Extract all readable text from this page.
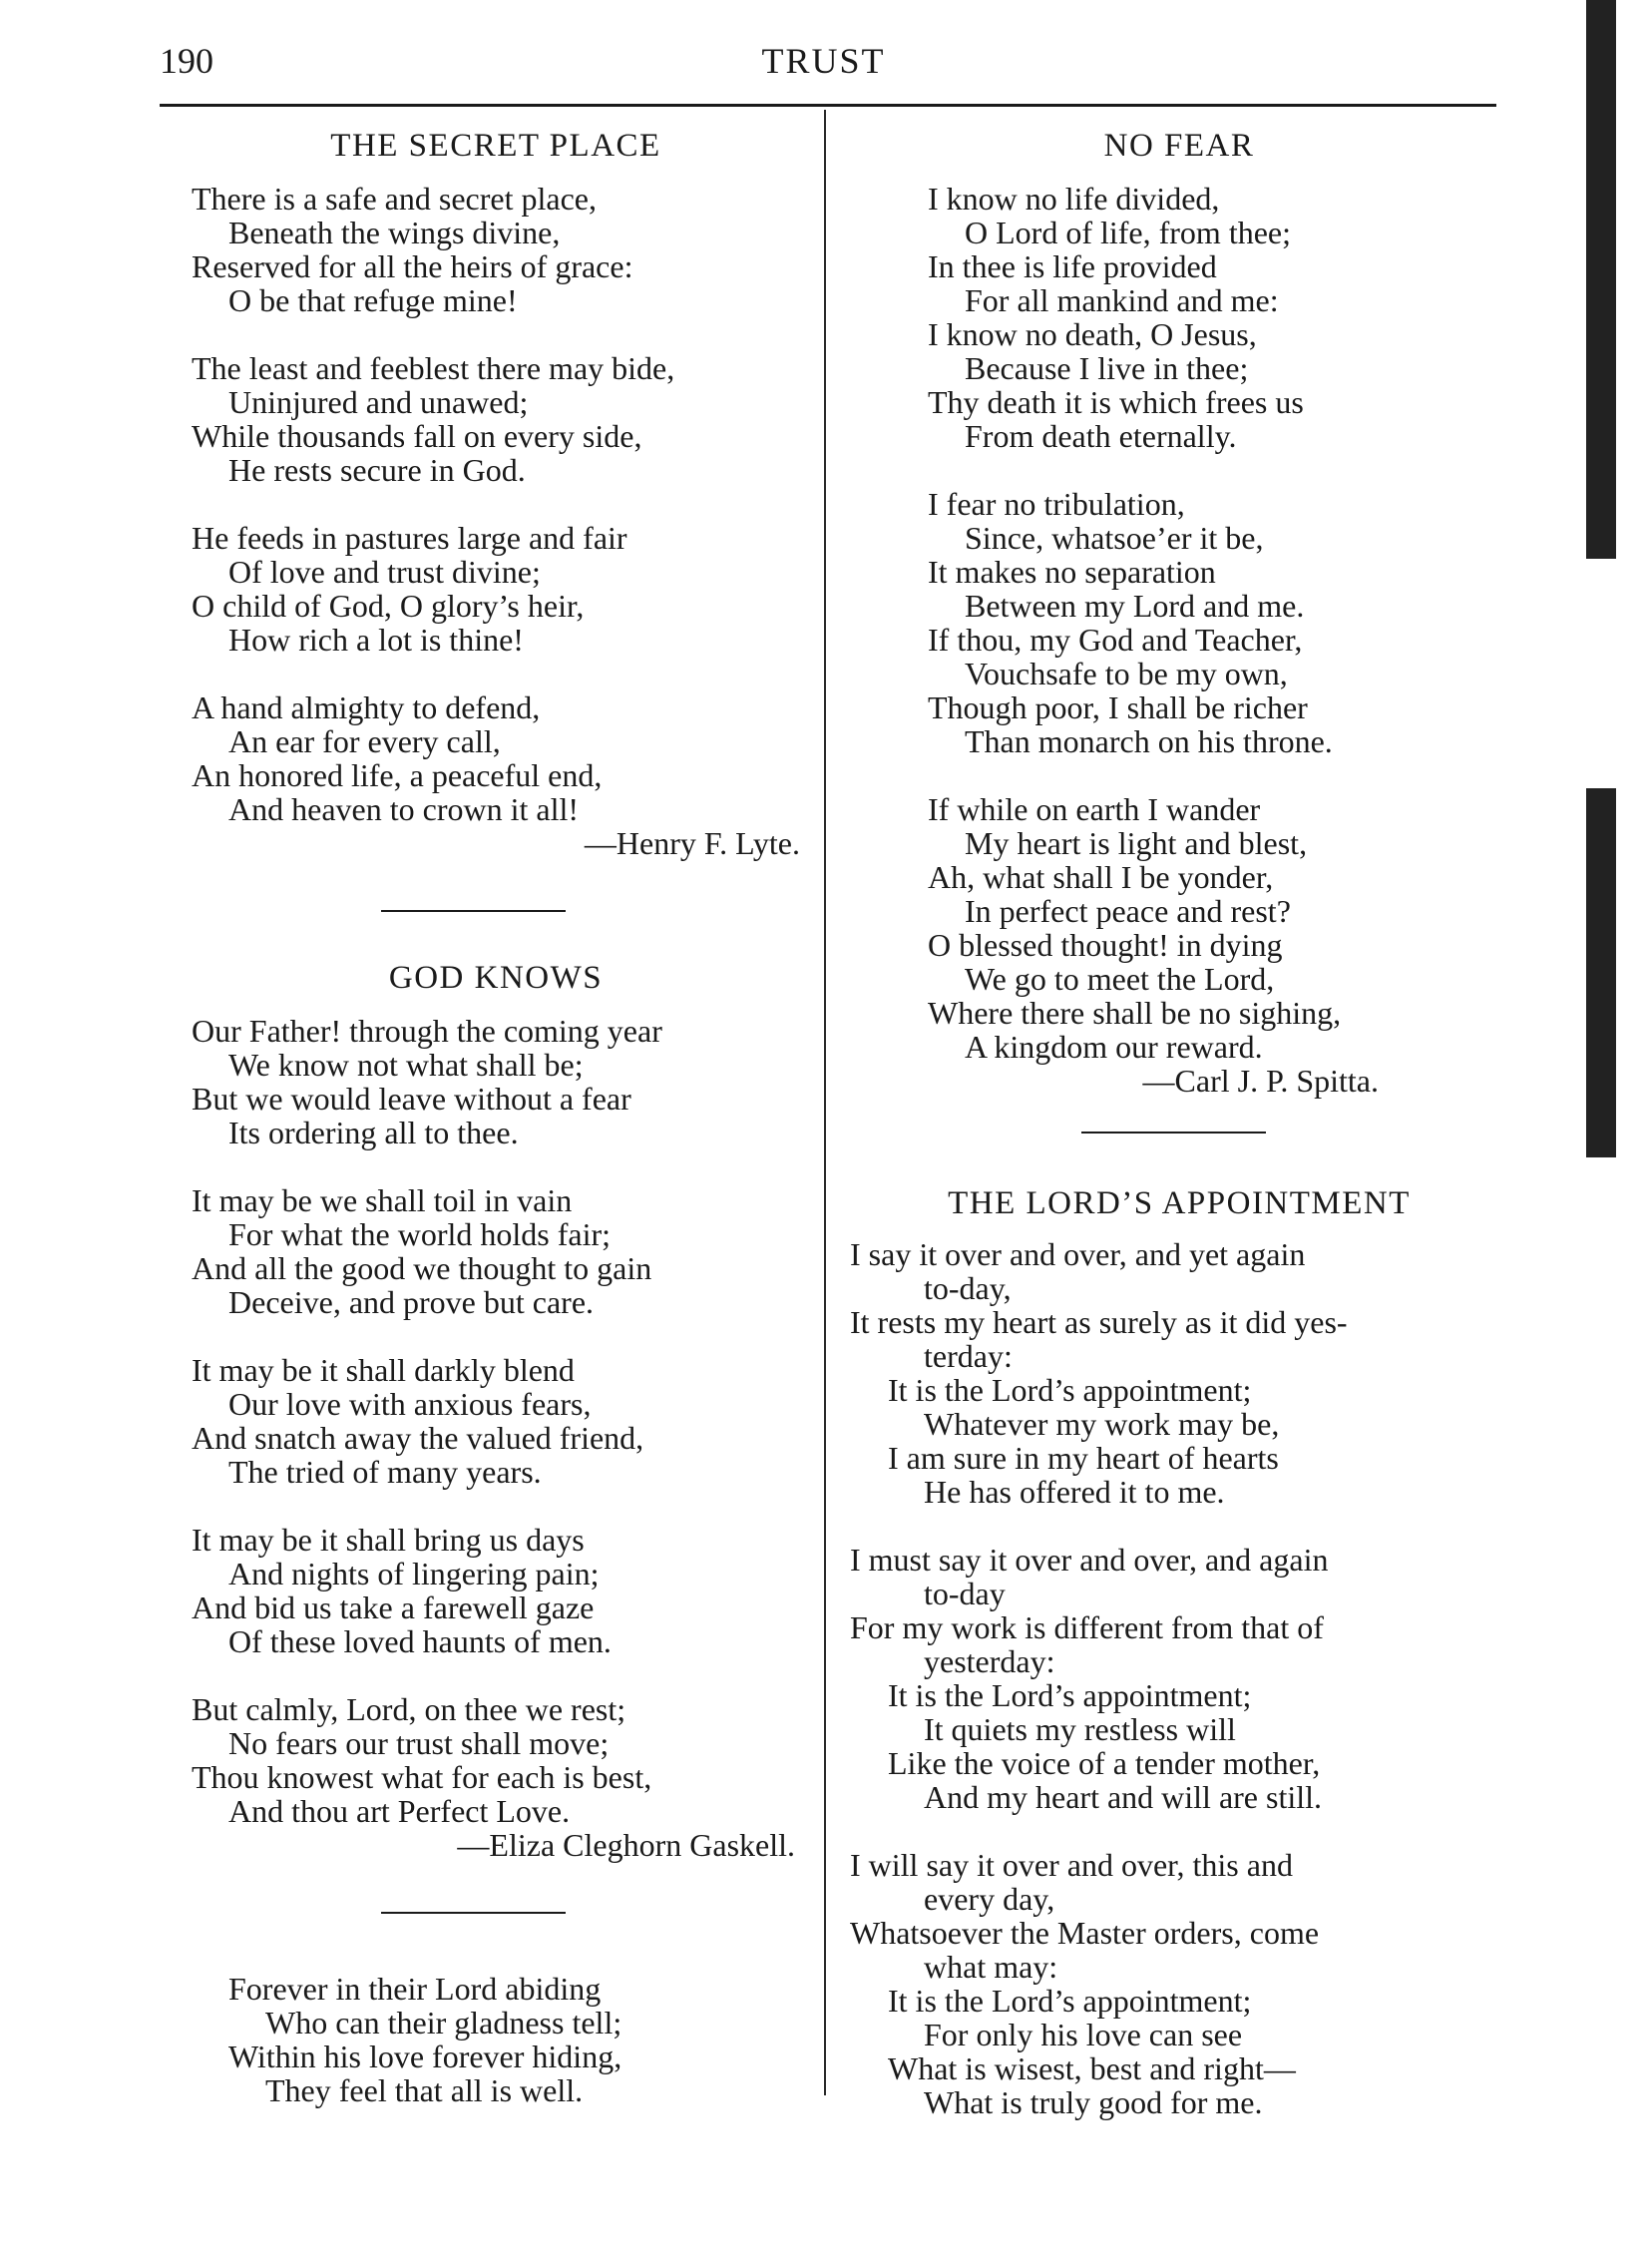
190	TRUST
THE SECRET PLACE
There is a safe and secret place,
Beneath the wings divine,
Reserved for all the heirs of grace:
O be that refuge mine!
The least and feeblest there may bide,
Uninjured and unawed;
While thousands fall on every side,
He rests secure in God.
He feeds in pastures large and fair
Of love and trust divine;
O child of God, O glory’s heir,
How rich a lot is thine!
A hand almighty to defend,
An ear for every call,
An honored life, a peaceful end,
And heaven to crown it all!
—Henry F. Lyte.
GOD KNOWS
Our Father! through the coming year
We know not what shall be;
But we would leave without a fear
Its ordering all to thee.
It may be we shall toil in vain
For what the world holds fair;
And all the good we thought to gain
Deceive, and prove but care.
It may be it shall darkly blend
Our love with anxious fears,
And snatch away the valued friend,
The tried of many years.
It may be it shall bring us days
And nights of lingering pain;
And bid us take a farewell gaze
Of these loved haunts of men.
But calmly, Lord, on thee we rest;
No fears our trust shall move;
Thou knowest what for each is best,
And thou art Perfect Love.
—Eliza Cleghorn Gaskell.
Forever in their Lord abiding
Who can their gladness tell;
Within his love forever hiding,
They feel that all is well.
NO FEAR
I know no life divided,
O Lord of life, from thee;
In thee is life provided
For all mankind and me:
I know no death, O Jesus,
Because I live in thee;
Thy death it is which frees us
From death eternally.
I fear no tribulation,
Since, whatsoe’er it be,
It makes no separation
Between my Lord and me.
If thou, my God and Teacher,
Vouchsafe to be my own,
Though poor, I shall be richer
Than monarch on his throne.
If while on earth I wander
My heart is light and blest,
Ah, what shall I be yonder,
In perfect peace and rest?
O blessed thought! in dying
We go to meet the Lord,
Where there shall be no sighing,
A kingdom our reward.
—Carl J. P. Spitta.
THE LORD’S APPOINTMENT
I say it over and over, and yet again
to-day,
It rests my heart as surely as it did yes-
terday:
It is the Lord’s appointment;
Whatever my work may be,
I am sure in my heart of hearts
He has offered it to me.
I must say it over and over, and again
to-day
For my work is different from that of
yesterday:
It is the Lord’s appointment;
It quiets my restless will
Like the voice of a tender mother,
And my heart and will are still.
I will say it over and over, this and
every day,
Whatsoever the Master orders, come
what may:
It is the Lord’s appointment;
For only his love can see
What is wisest, best and right—
What is truly good for me.
